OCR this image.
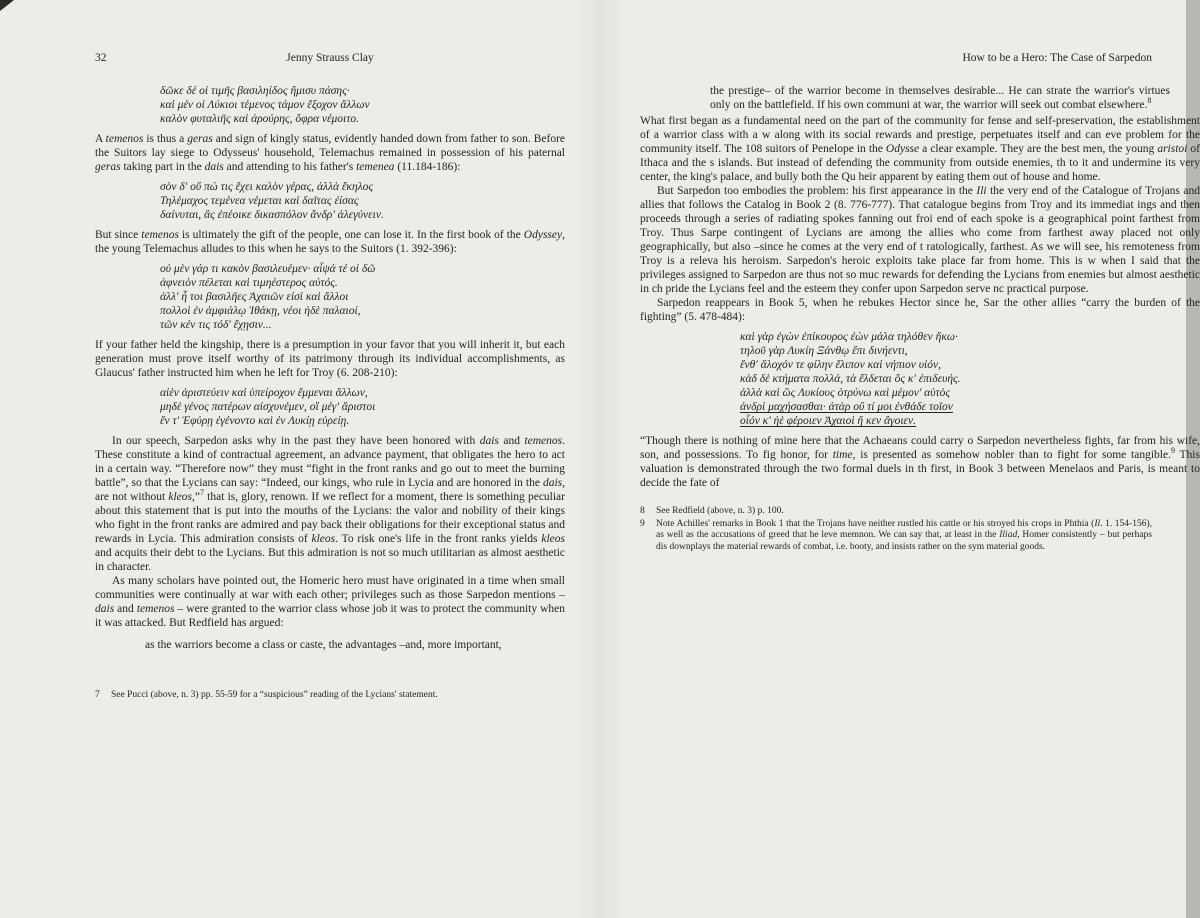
32	Jenny Strauss Clay
δῶκε δέ οἱ τιμῆς βασιληίδος ἥμισυ πάσης·
καὶ μέν οἱ Λύκιοι τέμενος τάμον ἔξοχον ἄλλων
καλὸν φυταλιῆς καὶ ἀρούρης, ὄφρα νέμοιτο.
A temenos is thus a geras and sign of kingly status, evidently handed down from father to son. Before the Suitors lay siege to Odysseus' household, Telemachus remained in possession of his paternal geras taking part in the dais and attending to his father's temenea (11.184-186):
σὸν δ' οὔ πώ τις ἔχει καλὸν γέρας, ἀλλὰ ἕκηλος
Τηλέμαχος τεμένεα νέμεται καὶ δαῖτας ἐίσας
δαίνυται, ἃς ἐπέοικε δικασπόλον ἄνδρ' ἀλεγύνειν.
But since temenos is ultimately the gift of the people, one can lose it. In the first book of the Odyssey, the young Telemachus alludes to this when he says to the Suitors (1. 392-396):
οὐ μὲν γάρ τι κακὸν βασιλευέμεν· αἶψά τέ οἱ δῶ
ἀφνειὸν πέλεται καὶ τιμηέστερος αὐτός.
ἀλλ' ἦ τοι βασιλῆες Ἀχαιῶν εἰσὶ καὶ ἄλλοι
πολλοὶ ἐν ἀμφιάλῳ Ἰθάκῃ, νέοι ἠδὲ παλαιοί,
τῶν κέν τις τόδ' ἔχῃσιν...
If your father held the kingship, there is a presumption in your favor that you will inherit it, but each generation must prove itself worthy of its patrimony through its individual accomplishments, as Glaucus' father instructed him when he left for Troy (6. 208-210):
αἰὲν ἀριστεύειν καὶ ὑπείροχον ἔμμεναι ἄλλων,
μηδὲ γένος πατέρων αἰσχυνέμεν, οἳ μέγ' ἄριστοι
ἔν τ' Ἐφύρῃ ἐγένοντο καὶ ἐν Λυκίῃ εὐρείῃ.
In our speech, Sarpedon asks why in the past they have been honored with dais and temenos. These constitute a kind of contractual agreement, an advance payment, that obligates the hero to act in a certain way. “Therefore now” they must “fight in the front ranks and go out to meet the burning battle”, so that the Lycians can say: “Indeed, our kings, who rule in Lycia and are honored in the dais, are not without kleos,”$^7$ that is, glory, renown. If we reflect for a moment, there is something peculiar about this statement that is put into the mouths of the Lycians: the valor and nobility of their kings who fight in the front ranks are admired and pay back their obligations for their exceptional status and rewards in Lycia. This admiration consists of kleos. To risk one's life in the front ranks yields kleos and acquits their debt to the Lycians. But this admiration is not so much utilitarian as almost aesthetic in character.
As many scholars have pointed out, the Homeric hero must have originated in a time when small communities were continually at war with each other; privileges such as those Sarpedon mentions – dais and temenos – were granted to the warrior class whose job it was to protect the community when it was attacked. But Redfield has argued:
as the warriors become a class or caste, the advantages –and, more important,
7	See Pucci (above, n. 3) pp. 55-59 for a “suspicious” reading of the Lycians' statement.
How to be a Hero: The Case of Sarpedon
the prestige– of the warrior become in themselves desirable... He can strate the warrior's virtues only on the battlefield. If his own communi at war, the warrior will seek out combat elsewhere.$^8$
What first began as a fundamental need on the part of the community for fense and self-preservation, the establishment of a warrior class with a w along with its social rewards and prestige, perpetuates itself and can eve problem for the community itself. The 108 suitors of Penelope in the Odysse a clear example. They are the best men, the young aristoi of Ithaca and the s islands. But instead of defending the community from outside enemies, th to it and undermine its very center, the king's palace, and bully both the Qu heir apparent by eating them out of house and home.
But Sarpedon too embodies the problem: his first appearance in the Ili the very end of the Catalogue of Trojans and allies that follows the Catalog in Book 2 (8. 776-777). That catalogue begins from Troy and its immediat ings and then proceeds through a series of radiating spokes fanning out froi end of each spoke is a geographical point farthest from Troy. Thus Sarpe contingent of Lycians are among the allies who come from farthest away placed not only geographically, but also –since he comes at the very end of t ratologically, farthest. As we will see, his remoteness from Troy is a releva his heroism. Sarpedon's heroic exploits take place far from home. This is w when I said that the privileges assigned to Sarpedon are thus not so muc rewards for defending the Lycians from enemies but almost aesthetic in ch pride the Lycians feel and the esteem they confer upon Sarpedon serve nc practical purpose.
Sarpedon reappears in Book 5, when he rebukes Hector since he, Sar the other allies “carry the burden of the fighting” (5. 478-484):
καὶ γὰρ ἐγὼν ἐπίκουρος ἐὼν μάλα τηλόθεν ἥκω·
τηλοῦ γὰρ Λυκίη Ξάνθῳ ἔπι δινήεντι,
ἔνθ' ἄλοχόν τε φίλην ἔλιπον καὶ νήπιον υἱόν,
κὰδ δὲ κτήματα πολλά, τὰ ἔλδεται ὅς κ' ἐπιδευής.
ἀλλὰ καὶ ὣς Λυκίους ὀτρύνω καὶ μέμον' αὐτὸς
ἀνδρὶ μαχήσασθαι· ἀτὰρ οὔ τί μοι ἐνθάδε τοῖον
οἷόν κ' ἠὲ φέροιεν Ἀχαιοὶ ἤ κεν ἄγοιεν.
“Though there is nothing of mine here that the Achaeans could carry o Sarpedon nevertheless fights, far from his wife, son, and possessions. To fig honor, for time, is presented as somehow nobler than to fight for some tangible.$^9$ This valuation is demonstrated through the two formal duels in th first, in Book 3 between Menelaos and Paris, is meant to decide the fate of
8	See Redfield (above, n. 3) p. 100.
9	Note Achilles' remarks in Book 1 that the Trojans have neither rustled his cattle or his stroyed his crops in Phthia (Il. 1. 154-156), as well as the accusations of greed that he leve memnon. We can say that, at least in the Iliad, Homer consistently – but perhaps dis downplays the material rewards of combat, i.e. booty, and insists rather on the sym material goods.
